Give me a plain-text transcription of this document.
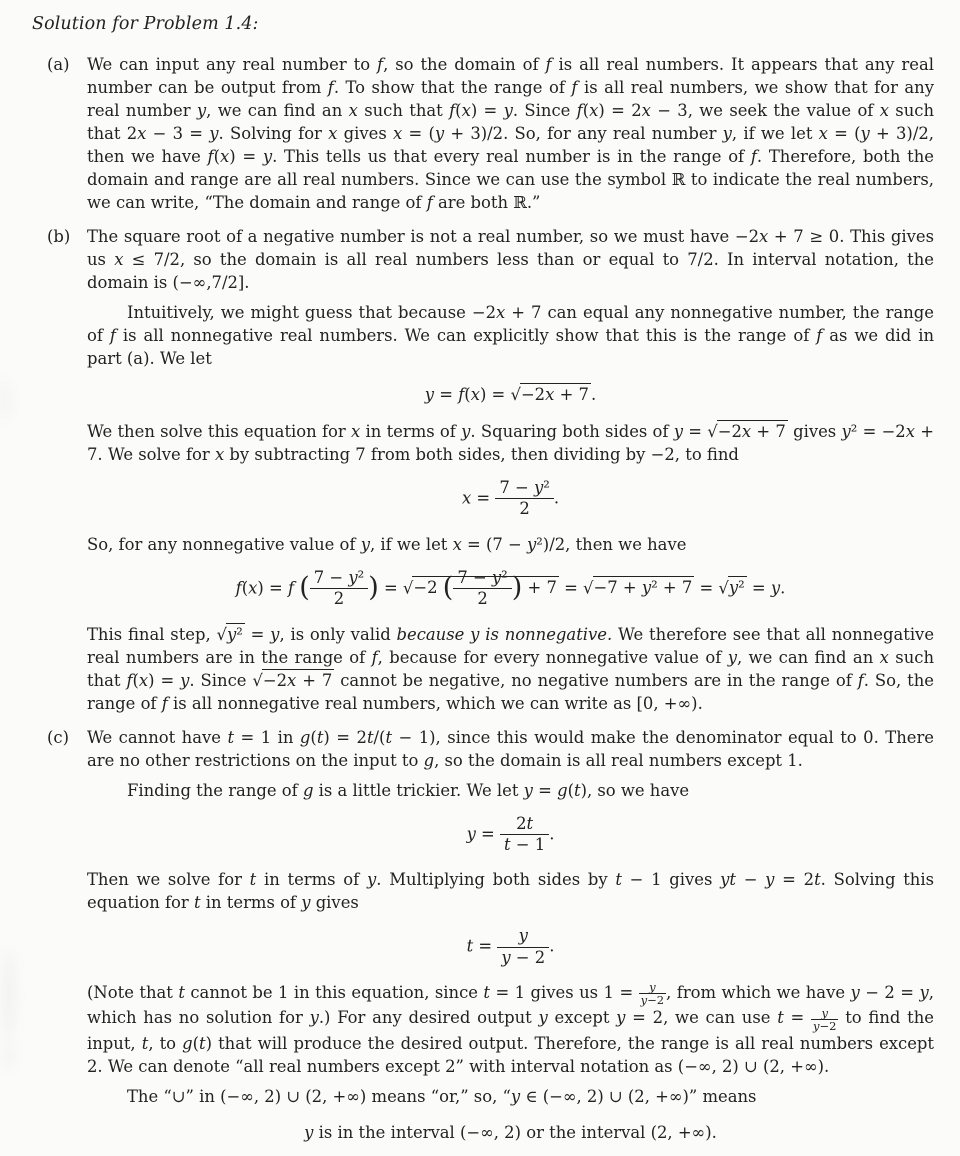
Solution for Problem 1.4:
(a)	We can input any real number to f, so the domain of f is all real numbers. It appears that any real number can be output from f. To show that the range of f is all real numbers, we show that for any real number y, we can find an x such that f(x) = y. Since f(x) = 2x − 3, we seek the value of x such that 2x − 3 = y. Solving for x gives x = (y + 3)/2. So, for any real number y, if we let x = (y + 3)/2, then we have f(x) = y. This tells us that every real number is in the range of f. Therefore, both the domain and range are all real numbers. Since we can use the symbol ℝ to indicate the real numbers, we can write, “The domain and range of f are both ℝ.”
(b)	The square root of a negative number is not a real number, so we must have −2x + 7 ≥ 0. This gives us x ≤ 7/2, so the domain is all real numbers less than or equal to 7/2. In interval notation, the domain is (−∞,7/2].
Intuitively, we might guess that because −2x + 7 can equal any nonnegative number, the range of f is all nonnegative real numbers. We can explicitly show that this is the range of f as we did in part (a). We let
y = f(x) = √−2x + 7 .
We then solve this equation for x in terms of y. Squaring both sides of y = √−2x + 7 gives y² = −2x + 7. We solve for x by subtracting 7 from both sides, then dividing by −2, to find
$x = \frac{\text{7 − y²}}{2}$ .
So, for any nonnegative value of y, if we let x = (7 − y²)/2, then we have
f(x) = f ( $\frac{\text{7 − y²}}{2}$ ) = √−2 ( $\frac{\text{7 − y²}}{2}$ ) + 7 = √−7 + y² + 7 = √y² = y.
This final step, √y² = y, is only valid because y is nonnegative. We therefore see that all nonnegative real numbers are in the range of f, because for every nonnegative value of y, we can find an x such that f(x) = y. Since √−2x + 7 cannot be negative, no negative numbers are in the range of f. So, the range of f is all nonnegative real numbers, which we can write as [0, +∞).
(c)	We cannot have t = 1 in g(t) = 2t/(t − 1), since this would make the denominator equal to 0. There are no other restrictions on the input to g, so the domain is all real numbers except 1.
Finding the range of g is a little trickier. We let y = g(t), so we have
$y = \frac{2t}{t - 1}$ .
Then we solve for t in terms of y. Multiplying both sides by t − 1 gives yt − y = 2t. Solving this equation for t in terms of y gives
$t = \frac{y}{y - 2}$ .
(Note that t cannot be 1 in this equation, since t = 1 gives us $1 = \frac{y}{y-2}$ , from which we have y − 2 = y, which has no solution for y.) For any desired output y except y = 2, we can use $t = \frac{y}{y-2}$ to find the input, t, to g(t) that will produce the desired output. Therefore, the range is all real numbers except 2. We can denote “all real numbers except 2” with interval notation as (−∞, 2) ∪ (2, +∞).
The “∪” in (−∞, 2) ∪ (2, +∞) means “or,” so, “y ∈ (−∞, 2) ∪ (2, +∞)” means
y is in the interval (−∞, 2) or the interval (2, +∞).
